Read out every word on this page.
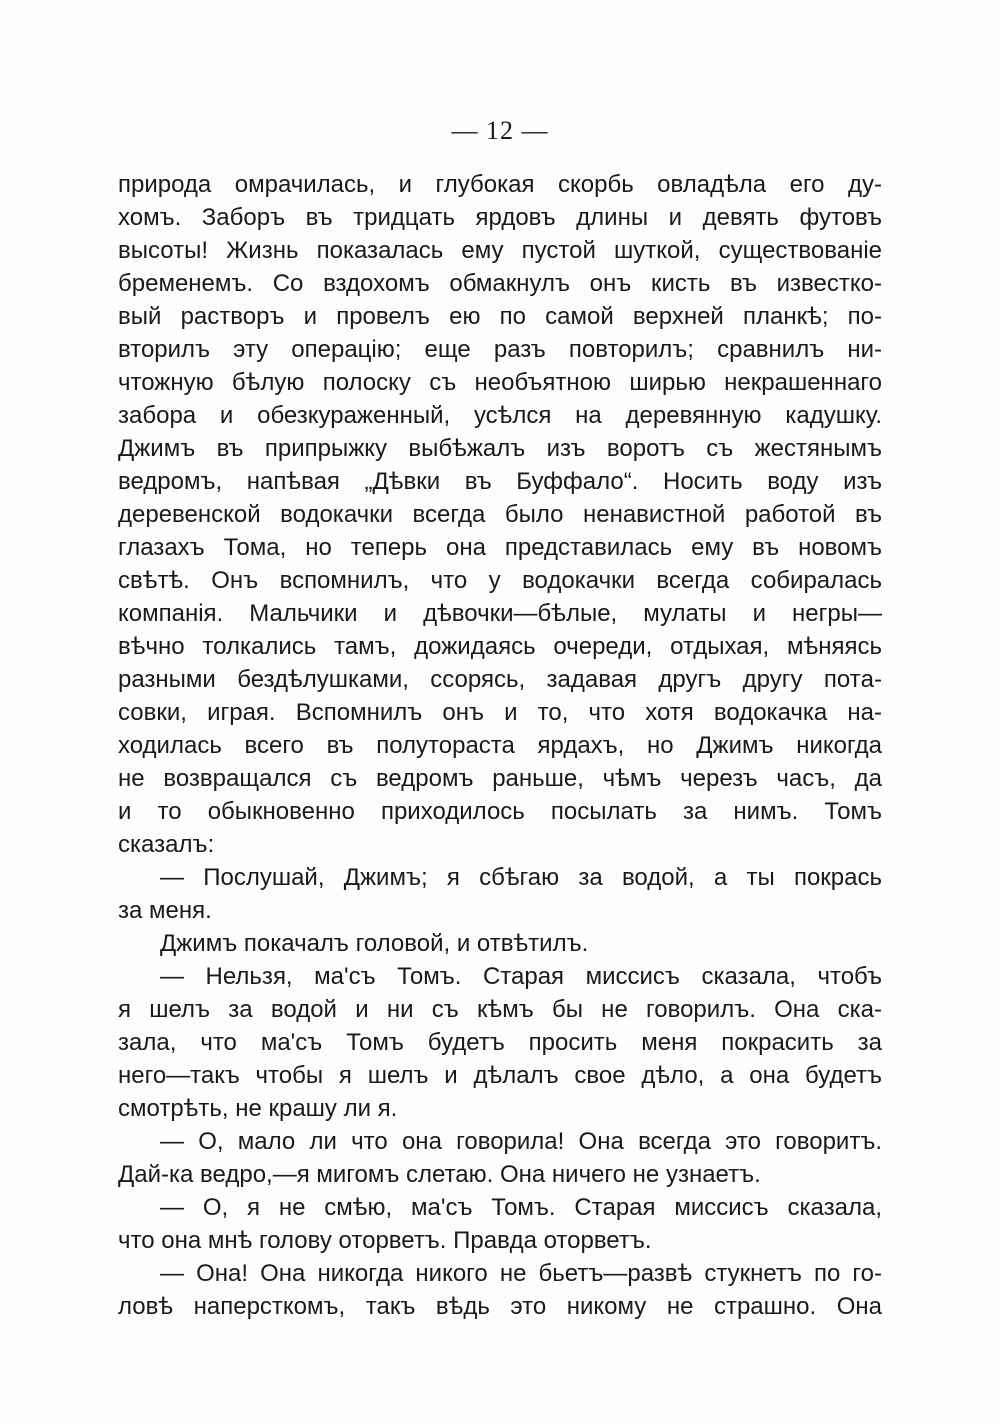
— 12 —
природа омрачилась, и глубокая скорбь овладѣла его ду-
хомъ. Заборъ въ тридцать ярдовъ длины и девять футовъ
высоты! Жизнь показалась ему пустой шуткой, существованіе
бременемъ. Со вздохомъ обмакнулъ онъ кисть въ известко-
вый растворъ и провелъ ею по самой верхней планкѣ; по-
вторилъ эту операцію; еще разъ повторилъ; сравнилъ ни-
чтожную бѣлую полоску съ необъятною ширью некрашеннаго
забора и обезкураженный, усѣлся на деревянную кадушку.
Джимъ въ припрыжку выбѣжалъ изъ воротъ съ жестянымъ
ведромъ, напѣвая „Дѣвки въ Буффало“. Носить воду изъ
деревенской водокачки всегда было ненавистной работой въ
глазахъ Тома, но теперь она представилась ему въ новомъ
свѣтѣ. Онъ вспомнилъ, что у водокачки всегда собиралась
компанія. Мальчики и дѣвочки—бѣлые, мулаты и негры—
вѣчно толкались тамъ, дожидаясь очереди, отдыхая, мѣняясь
разными бездѣлушками, ссорясь, задавая другъ другу потa-
совки, играя. Вспомнилъ онъ и то, что хотя водокачка на-
ходилась всего въ полутораста ярдахъ, но Джимъ никогда
не возвращался съ ведромъ раньше, чѣмъ черезъ часъ, да
и то обыкновенно приходилось посылать за нимъ. Томъ
сказалъ:
— Послушай, Джимъ; я сбѣгаю за водой, а ты покрась
за меня.
Джимъ покачалъ головой, и отвѣтилъ.
— Нельзя, ма'съ Томъ. Старая миссисъ сказала, чтобъ
я шелъ за водой и ни съ кѣмъ бы не говорилъ. Она ска-
зала, что ма'съ Томъ будетъ просить меня покрасить за
него—такъ чтобы я шелъ и дѣлалъ свое дѣло, а она будетъ
смотрѣть, не крашу ли я.
— О, мало ли что она говорила! Она всегда это говоритъ.
Дай-ка ведро,—я мигомъ слетаю. Она ничего не узнаетъ.
— О, я не смѣю, ма'съ Томъ. Старая миссисъ сказала,
что она мнѣ голову оторветъ. Правда оторветъ.
— Она! Она никогда никого не бьетъ—развѣ стукнетъ по го-
ловѣ наперсткомъ, такъ вѣдь это никому не страшно. Она
